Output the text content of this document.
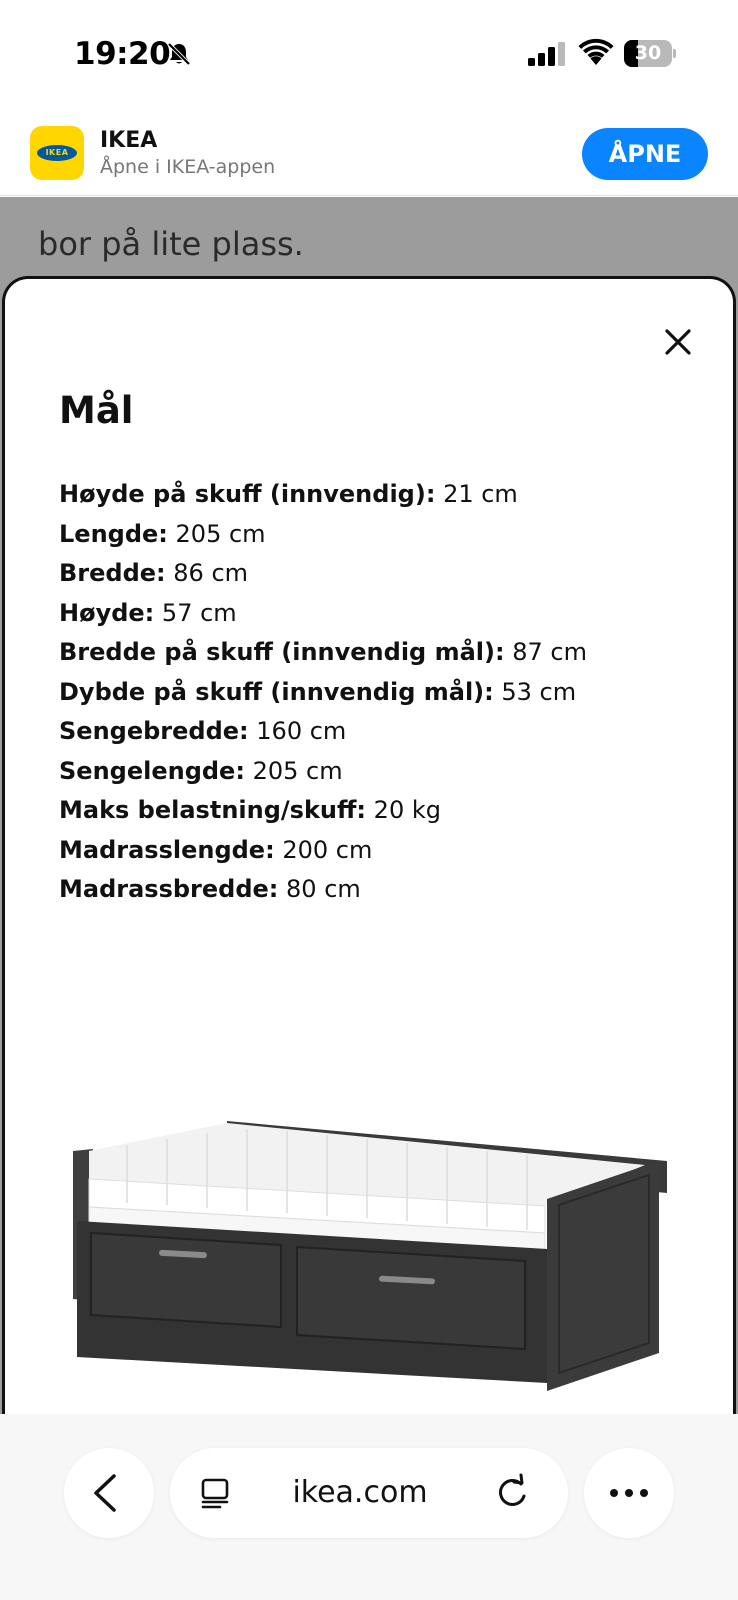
19:20	30
IKEA	IKEA
Åpne i IKEA-appen	ÅPNE
bor på lite plass.
Mål
Høyde på skuff (innvendig): 21 cm
Lengde: 205 cm
Bredde: 86 cm
Høyde: 57 cm
Bredde på skuff (innvendig mål): 87 cm
Dybde på skuff (innvendig mål): 53 cm
Sengebredde: 160 cm
Sengelengde: 205 cm
Maks belastning/skuff: 20 kg
Madrasslengde: 200 cm
Madrassbredde: 80 cm
ikea.com
